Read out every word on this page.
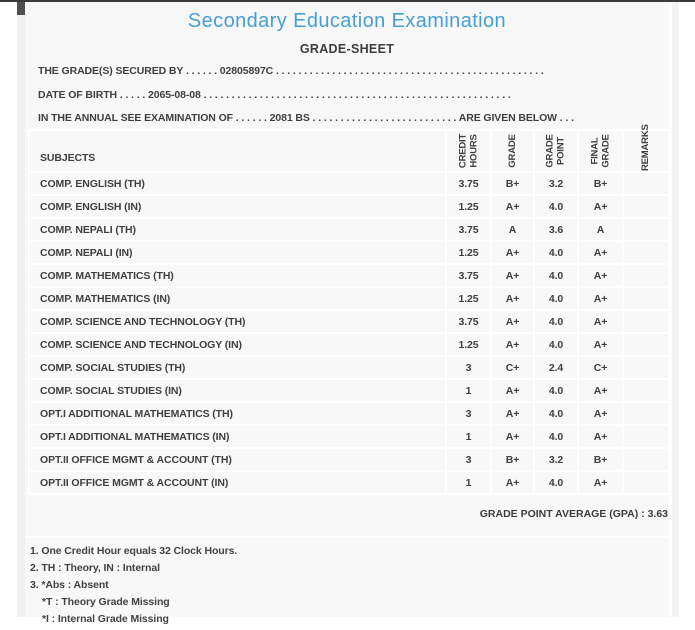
Secondary Education Examination
GRADE-SHEET
THE GRADE(S) SECURED BY . . . . . . 02805897C . . . . . . . . . . . . . . . . . . . . . . . . . . . . . . . . . . . . . . . . . . . . . . . .
DATE OF BIRTH . . . . . 2065-08-08 . . . . . . . . . . . . . . . . . . . . . . . . . . . . . . . . . . . . . . . . . . . . . . . . . . . . . . .
IN THE ANNUAL SEE EXAMINATION OF . . . . . . 2081 BS . . . . . . . . . . . . . . . . . . . . . . . . . . ARE GIVEN BELOW . . .
SUBJECTS	CREDIT HOURS	GRADE	GRADE POINT	FINAL GRADE	REMARKS

COMP. ENGLISH (TH)	3.75	B+	3.2	B+	
COMP. ENGLISH (IN)	1.25	A+	4.0	A+	
COMP. NEPALI (TH)	3.75	A	3.6	A	
COMP. NEPALI (IN)	1.25	A+	4.0	A+	
COMP. MATHEMATICS (TH)	3.75	A+	4.0	A+	
COMP. MATHEMATICS (IN)	1.25	A+	4.0	A+	
COMP. SCIENCE AND TECHNOLOGY (TH)	3.75	A+	4.0	A+	
COMP. SCIENCE AND TECHNOLOGY (IN)	1.25	A+	4.0	A+	
COMP. SOCIAL STUDIES (TH)	3	C+	2.4	C+	
COMP. SOCIAL STUDIES (IN)	1	A+	4.0	A+	
OPT.I ADDITIONAL MATHEMATICS (TH)	3	A+	4.0	A+	
OPT.I ADDITIONAL MATHEMATICS (IN)	1	A+	4.0	A+	
OPT.II OFFICE MGMT & ACCOUNT (TH)	3	B+	3.2	B+	
OPT.II OFFICE MGMT & ACCOUNT (IN)	1	A+	4.0	A+	
GRADE POINT AVERAGE (GPA) : 3.63
1. One Credit Hour equals 32 Clock Hours.
2. TH : Theory, IN : Internal
3. *Abs : Absent
*T : Theory Grade Missing
*I : Internal Grade Missing
